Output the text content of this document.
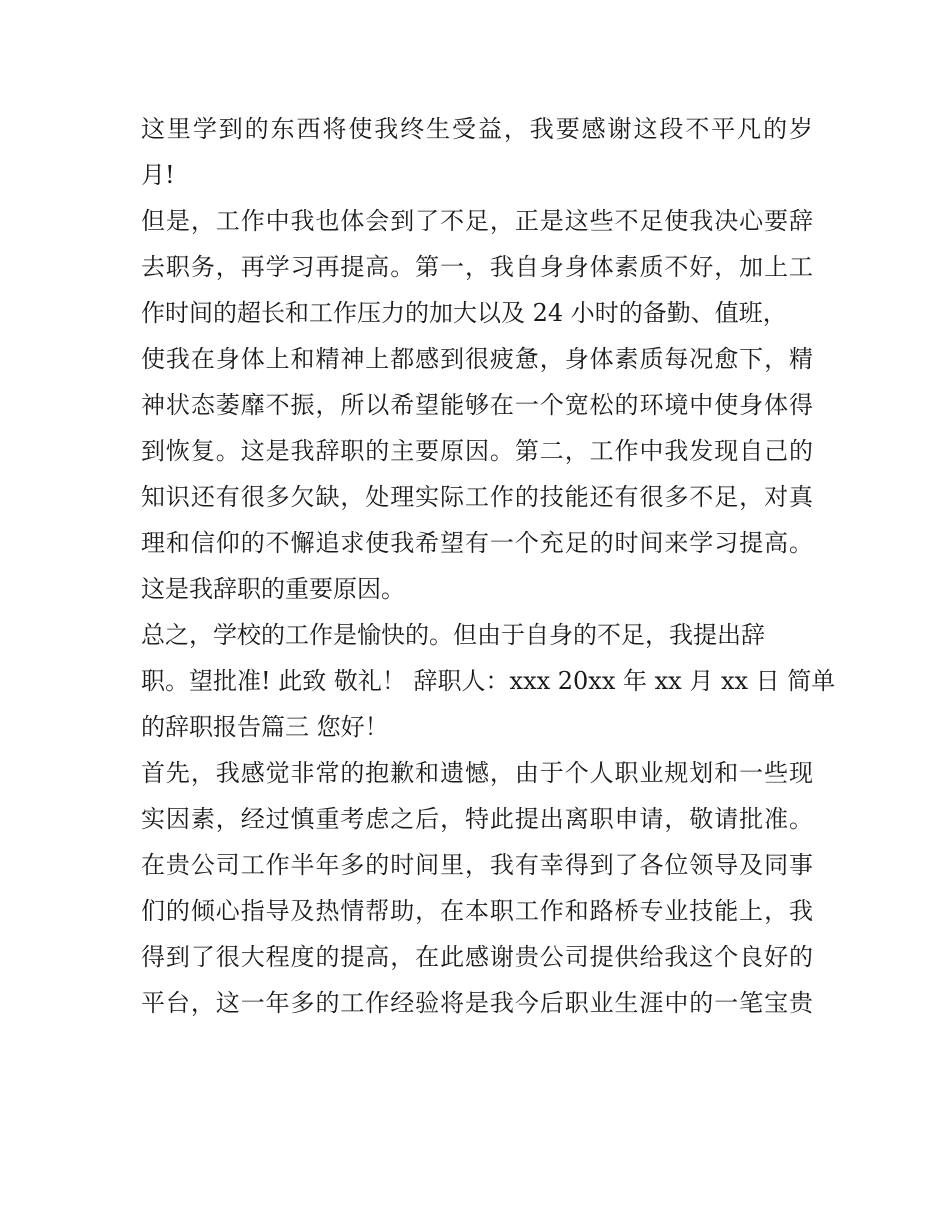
这里学到的东西将使我终生受益，我要感谢这段不平凡的岁
月!
但是，工作中我也体会到了不足，正是这些不足使我决心要辞
去职务，再学习再提高。第一，我自身身体素质不好，加上工
作时间的超长和工作压力的加大以及 24 小时的备勤、值班，
使我在身体上和精神上都感到很疲惫，身体素质每况愈下，精
神状态萎靡不振，所以希望能够在一个宽松的环境中使身体得
到恢复。这是我辞职的主要原因。第二，工作中我发现自己的
知识还有很多欠缺，处理实际工作的技能还有很多不足，对真
理和信仰的不懈追求使我希望有一个充足的时间来学习提高。
这是我辞职的重要原因。
总之，学校的工作是愉快的。但由于自身的不足，我提出辞
职。望批准! 此致 敬礼！ 辞职人：xxx 20xx 年 xx 月 xx 日 简单
的辞职报告篇三 您好！
首先，我感觉非常的抱歉和遗憾，由于个人职业规划和一些现
实因素，经过慎重考虑之后，特此提出离职申请，敬请批准。
在贵公司工作半年多的时间里，我有幸得到了各位领导及同事
们的倾心指导及热情帮助，在本职工作和路桥专业技能上，我
得到了很大程度的提高，在此感谢贵公司提供给我这个良好的
平台，这一年多的工作经验将是我今后职业生涯中的一笔宝贵
